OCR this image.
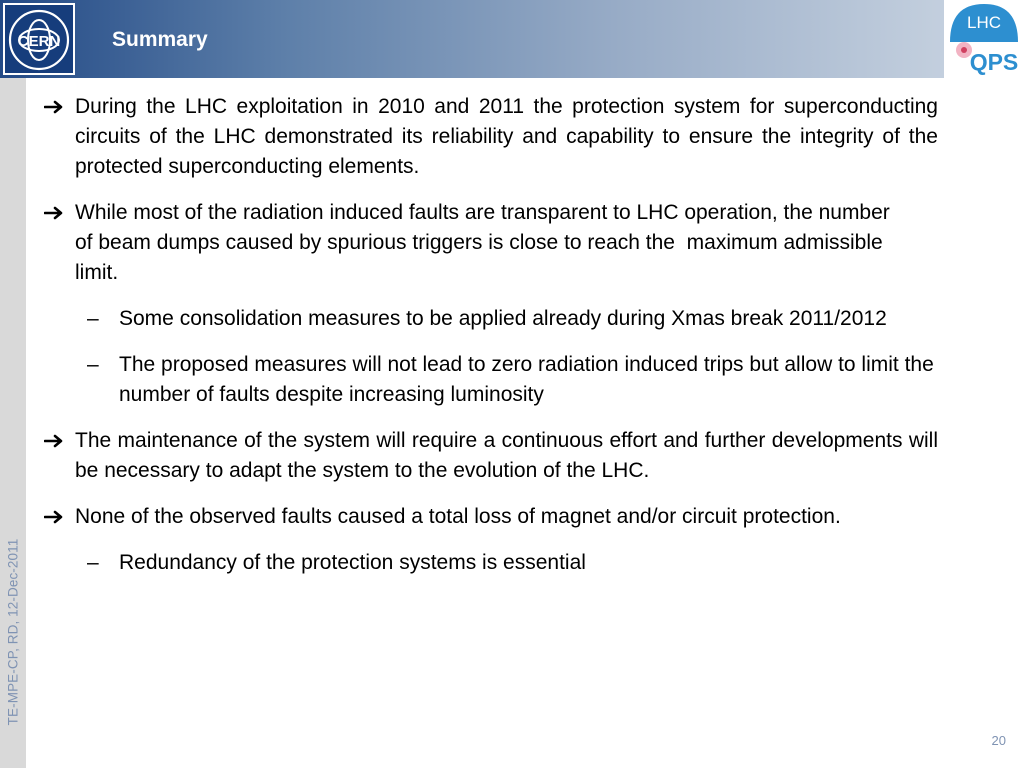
CERN Summary
LHC
QPS
TE-MPE-CP, RD, 12-Dec-2011
During the LHC exploitation in 2010 and 2011 the protection system for superconducting circuits of the LHC demonstrated its reliability and capability to ensure the integrity of the protected superconducting elements.
While most of the radiation induced faults are transparent to LHC operation, the number of beam dumps caused by spurious triggers is close to reach the  maximum admissible limit.
– Some consolidation measures to be applied already during Xmas break 2011/2012
– The proposed measures will not lead to zero radiation induced trips but allow to limit the number of faults despite increasing luminosity
The maintenance of the system will require a continuous effort and further developments will be necessary to adapt the system to the evolution of the LHC.
None of the observed faults caused a total loss of magnet and/or circuit protection.
– Redundancy of the protection systems is essential
20
